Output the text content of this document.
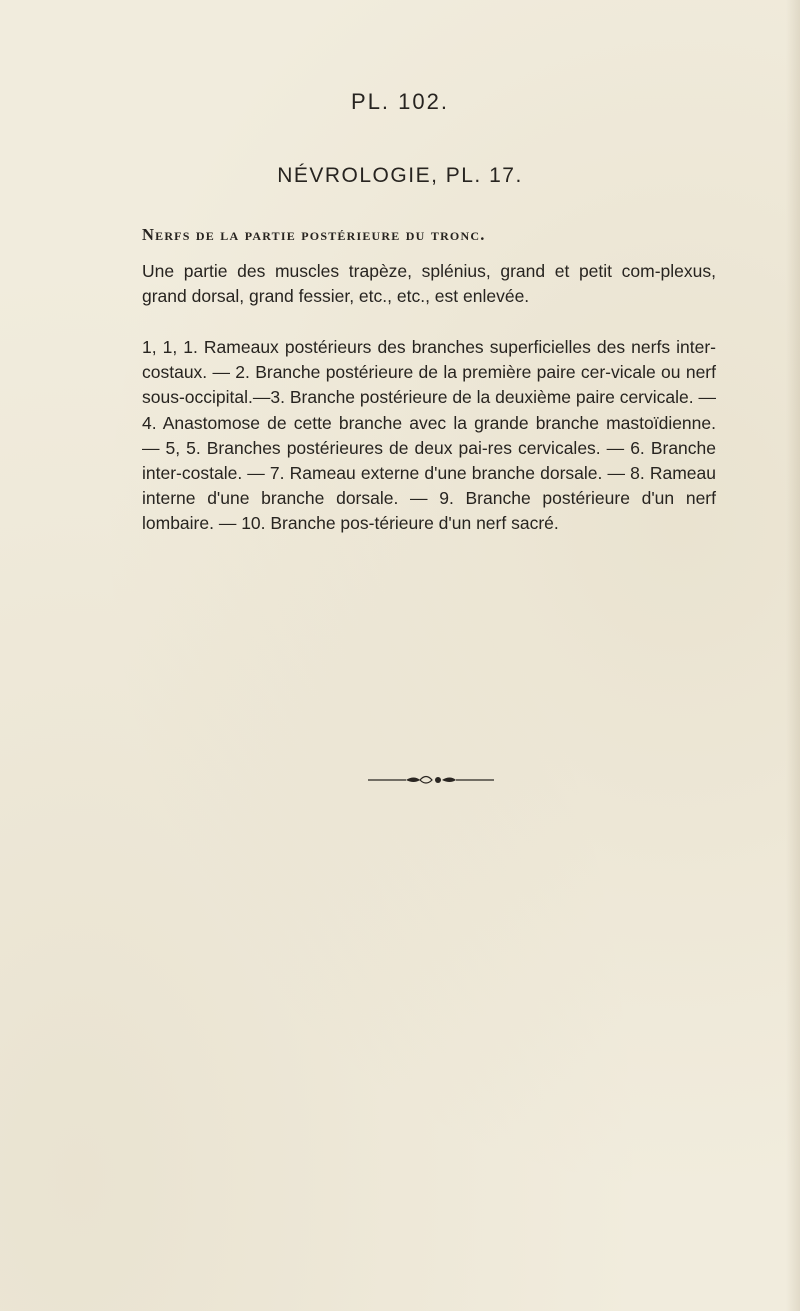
PL. 102.
NÉVROLOGIE, PL. 17.
Nerfs de la partie postérieure du tronc.

Une partie des muscles trapèze, splénius, grand et petit com-plexus, grand dorsal, grand fessier, etc., etc., est enlevée.

1, 1, 1. Rameaux postérieurs des branches superficielles des nerfs inter-costaux. — 2. Branche postérieure de la première paire cer-vicale ou nerf sous-occipital.—3. Branche postérieure de la deuxième paire cervicale. — 4. Anastomose de cette branche avec la grande branche mastoïdienne. — 5, 5. Branches postérieures de deux pai-res cervicales. — 6. Branche inter-costale. — 7. Rameau externe d'une branche dorsale. — 8. Rameau interne d'une branche dorsale. — 9. Branche postérieure d'un nerf lombaire. — 10. Branche pos-térieure d'un nerf sacré.
